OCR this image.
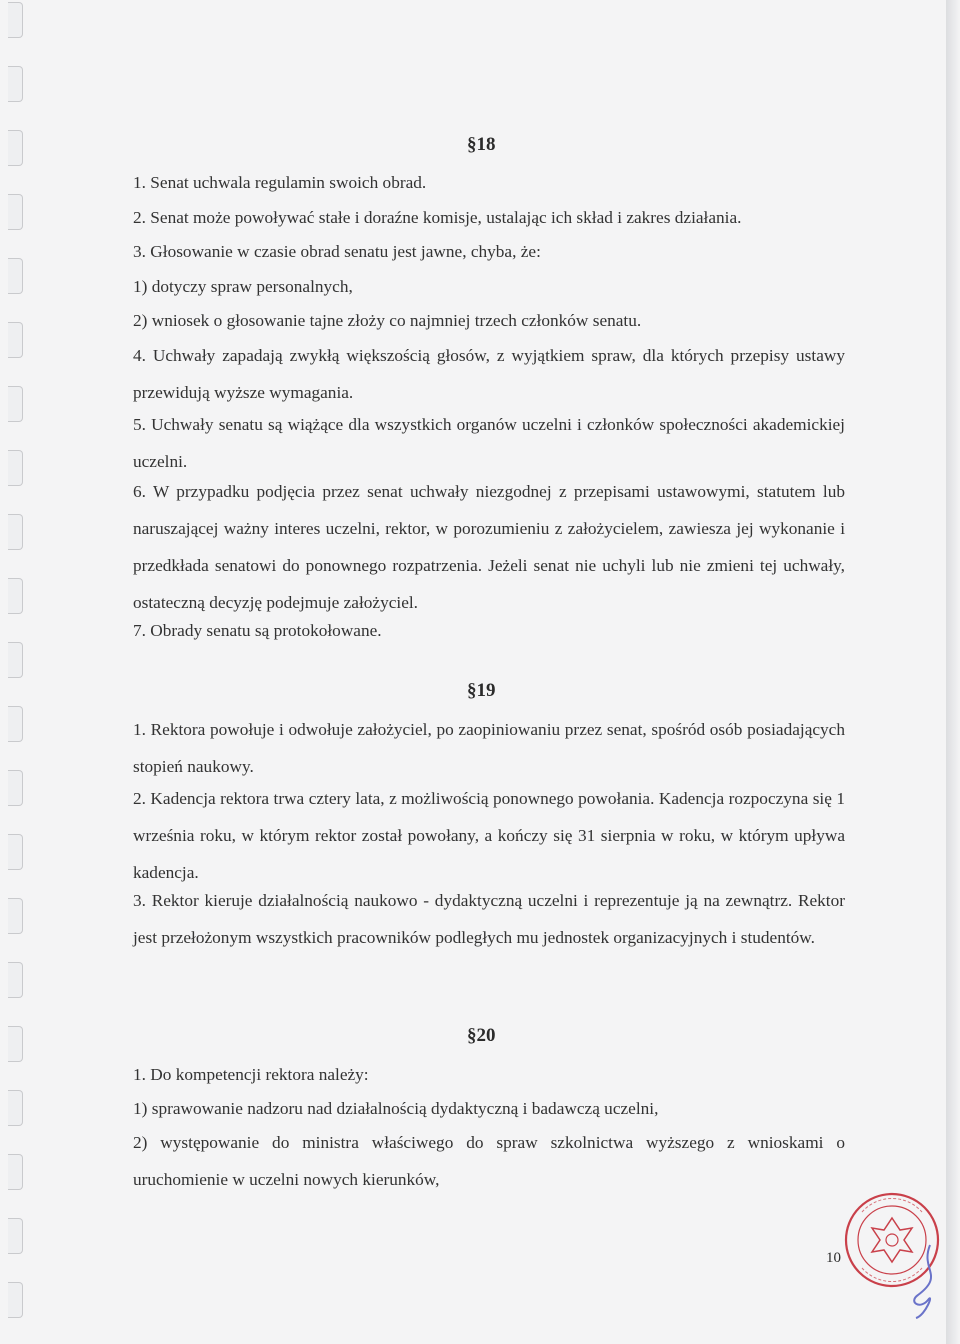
§18
1. Senat uchwala regulamin swoich obrad.
2. Senat może powoływać stałe i doraźne komisje, ustalając ich skład i zakres działania.
3. Głosowanie w czasie obrad senatu jest jawne, chyba, że:
1) dotyczy spraw personalnych,
2) wniosek o głosowanie tajne złoży co najmniej trzech członków senatu.
4. Uchwały zapadają zwykłą większością głosów, z wyjątkiem spraw, dla których przepisy ustawy przewidują wyższe wymagania.
5. Uchwały senatu są wiążące dla wszystkich organów uczelni i członków społeczności akademickiej uczelni.
6. W przypadku podjęcia przez senat uchwały niezgodnej z przepisami ustawowymi, statutem lub naruszającej ważny interes uczelni, rektor, w porozumieniu z założycielem, zawiesza jej wykonanie i przedkłada senatowi do ponownego rozpatrzenia. Jeżeli senat nie uchyli lub nie zmieni tej uchwały, ostateczną decyzję podejmuje założyciel.
7. Obrady senatu są protokołowane.
§19
1. Rektora powołuje i odwołuje założyciel, po zaopiniowaniu przez senat, spośród osób posiadających stopień naukowy.
2. Kadencja rektora trwa cztery lata, z możliwością ponownego powołania. Kadencja rozpoczyna się 1 września roku, w którym rektor został powołany, a kończy się 31 sierpnia w roku, w którym upływa kadencja.
3. Rektor kieruje działalnością naukowo - dydaktyczną uczelni i reprezentuje ją na zewnątrz. Rektor jest przełożonym wszystkich pracowników podległych mu jednostek organizacyjnych i studentów.
§20
1. Do kompetencji rektora należy:
1) sprawowanie nadzoru nad działalnością dydaktyczną i badawczą uczelni,
2) występowanie do ministra właściwego do spraw szkolnictwa wyższego z wnioskami o uruchomienie w uczelni nowych kierunków,
10
